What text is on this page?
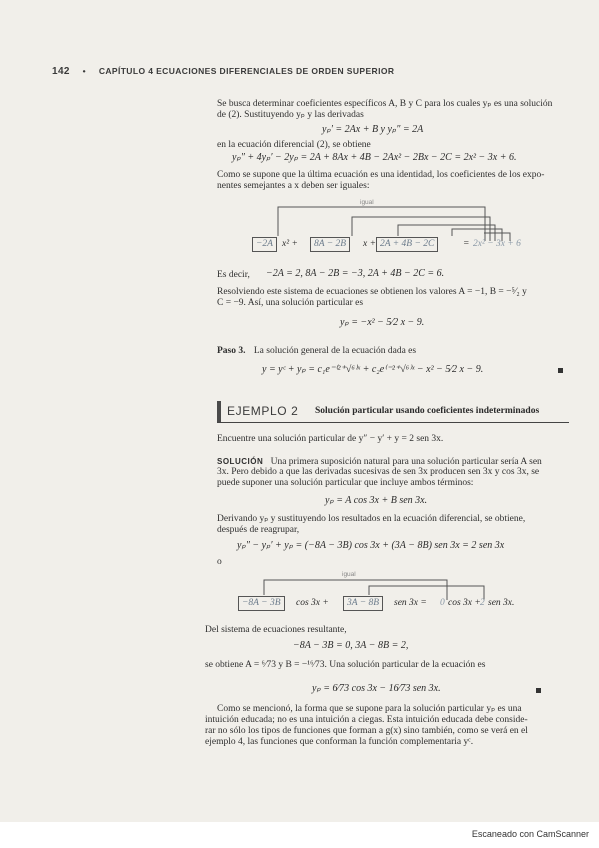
142 • CAPÍTULO 4 ECUACIONES DIFERENCIALES DE ORDEN SUPERIOR
Se busca determinar coeficientes específicos A, B y C para los cuales yₚ es una solución
de (2). Sustituyendo yₚ y las derivadas
yₚ′ = 2Ax + B y yₚ″ = 2A
en la ecuación diferencial (2), se obtiene
yₚ″ + 4yₚ′ − 2yₚ = 2A + 8Ax + 4B − 2Ax² − 2Bx − 2C = 2x² − 3x + 6.
Como se supone que la última ecuación es una identidad, los coeficientes de los expo-
nentes semejantes a x deben ser iguales:
igual
−2A x² +	8A − 2B	x + 2A + 4B − 2C	= 2x² − 3x + 6
Es decir, −2A = 2, 8A − 2B = −3, 2A + 4B − 2C = 6.
Resolviendo este sistema de ecuaciones se obtienen los valores A = −1, B = −⁵⁄₂ y
C = −9. Así, una solución particular es
yₚ = −x² − 5⁄2 x − 9.
Paso 3. La solución general de la ecuación dada es
y = yᶜ + yₚ = c₁e⁻⁽²⁺√⁶⁾ˣ + c₂e⁽⁻²⁺√⁶⁾ˣ − x² − 5⁄2 x − 9.
EJEMPLO 2 Solución particular usando coeficientes indeterminados
Encuentre una solución particular de y″ − y′ + y = 2 sen 3x.
SOLUCIÓN Una primera suposición natural para una solución particular sería A sen
3x. Pero debido a que las derivadas sucesivas de sen 3x producen sen 3x y cos 3x, se
puede suponer una solución particular que incluye ambos términos:
yₚ = A cos 3x + B sen 3x.
Derivando yₚ y sustituyendo los resultados en la ecuación diferencial, se obtiene,
después de reagrupar,
yₚ″ − yₚ′ + yₚ = (−8A − 3B) cos 3x + (3A − 8B) sen 3x = 2 sen 3x
o
igual
−8A − 3B	cos 3x +	3A − 8B	sen 3x = 0 cos 3x + 2 sen 3x.
Del sistema de ecuaciones resultante,
−8A − 3B = 0, 3A − 8B = 2,
se obtiene A = ⁶⁄73 y B = −¹⁶⁄73. Una solución particular de la ecuación es
yₚ = 6⁄73 cos 3x − 16⁄73 sen 3x.
Como se mencionó, la forma que se supone para la solución particular yₚ es una
intuición educada; no es una intuición a ciegas. Esta intuición educada debe conside-
rar no sólo los tipos de funciones que forman a g(x) sino también, como se verá en el
ejemplo 4, las funciones que conforman la función complementaria yᶜ.
Escaneado con CamScanner
